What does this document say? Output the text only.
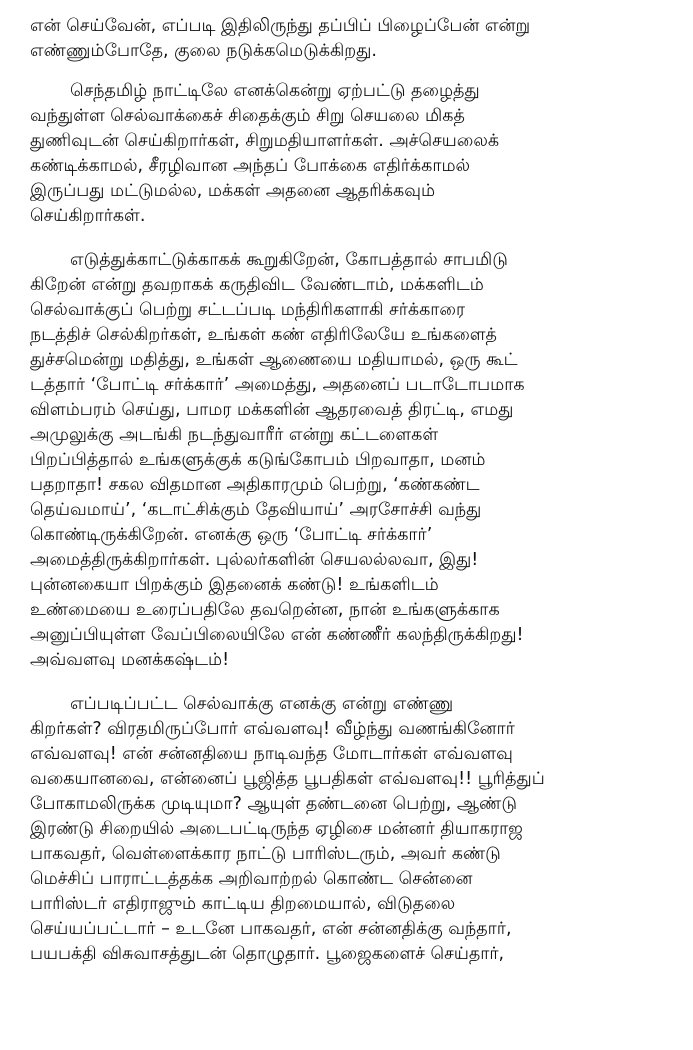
என் செய்வேன், எப்படி இதிலிருந்து தப்பிப் பிழைப்பேன் என்று
எண்ணும்போதே, குலை நடுக்கமெடுக்கிறது.

செந்தமிழ் நாட்டிலே எனக்கென்று ஏற்பட்டு தழைத்து
வந்துள்ள செல்வாக்கைச் சிதைக்கும் சிறு செயலை மிகத்
துணிவுடன் செய்கிறார்கள், சிறுமதியாளர்கள். அச்செயலைக்
கண்டிக்காமல், சீரழிவான அந்தப் போக்கை எதிர்க்காமல்
இருப்பது மட்டுமல்ல, மக்கள் அதனை ஆதரிக்கவும்
செய்கிறார்கள்.

எடுத்துக்காட்டுக்காகக் கூறுகிறேன், கோபத்தால் சாபமிடு
கிறேன் என்று தவறாகக் கருதிவிட வேண்டாம், மக்களிடம்
செல்வாக்குப் பெற்று சட்டப்படி மந்திரிகளாகி சர்க்காரை
நடத்திச் செல்கிறர்கள், உங்கள் கண் எதிரிலேயே உங்களைத்
துச்சமென்று மதித்து, உங்கள் ஆணையை மதியாமல், ஒரு கூட்
டத்தார் ‘போட்டி சர்க்கார்’ அமைத்து, அதனைப் படாடோபமாக
விளம்பரம் செய்து, பாமர மக்களின் ஆதரவைத் திரட்டி, எமது
அமுலுக்கு அடங்கி நடந்துவாரீர் என்று கட்டளைகள்
பிறப்பித்தால் உங்களுக்குக் கடுங்கோபம் பிறவாதா, மனம்
பதறாதா! சகல விதமான அதிகாரமும் பெற்று, ‘கண்கண்ட
தெய்வமாய்’, ‘கடாட்சிக்கும் தேவியாய்’ அரசோச்சி வந்து
கொண்டிருக்கிறேன். எனக்கு ஒரு ‘போட்டி சர்க்கார்’
அமைத்திருக்கிறார்கள். புல்லர்களின் செயலல்லவா, இது!
புன்னகையா பிறக்கும் இதனைக் கண்டு! உங்களிடம்
உண்மையை உரைப்பதிலே தவறென்ன, நான் உங்களுக்காக
அனுப்பியுள்ள வேப்பிலையிலே என் கண்ணீர் கலந்திருக்கிறது!
அவ்வளவு மனக்கஷ்டம்!

எப்படிப்பட்ட செல்வாக்கு எனக்கு என்று எண்ணு
கிறர்கள்? விரதமிருப்போர் எவ்வளவு! வீழ்ந்து வணங்கினோர்
எவ்வளவு! என் சன்னதியை நாடிவந்த மோடார்கள் எவ்வளவு
வகையானவை, என்னைப் பூஜித்த பூபதிகள் எவ்வளவு!! பூரித்துப்
போகாமலிருக்க முடியுமா? ஆயுள் தண்டனை பெற்று, ஆண்டு
இரண்டு சிறையில் அடைபட்டிருந்த ஏழிசை மன்னர் தியாகராஜ
பாகவதர், வெள்ளைக்கார நாட்டு பாரிஸ்டரும், அவர் கண்டு
மெச்சிப் பாராட்டத்தக்க அறிவாற்றல் கொண்ட சென்னை
பாரிஸ்டர் எதிராஜும் காட்டிய திறமையால், விடுதலை
செய்யப்பட்டார் – உடனே பாகவதர், என் சன்னதிக்கு வந்தார்,
பயபக்தி விசுவாசத்துடன் தொழுதார். பூஜைகளைச் செய்தார்,
